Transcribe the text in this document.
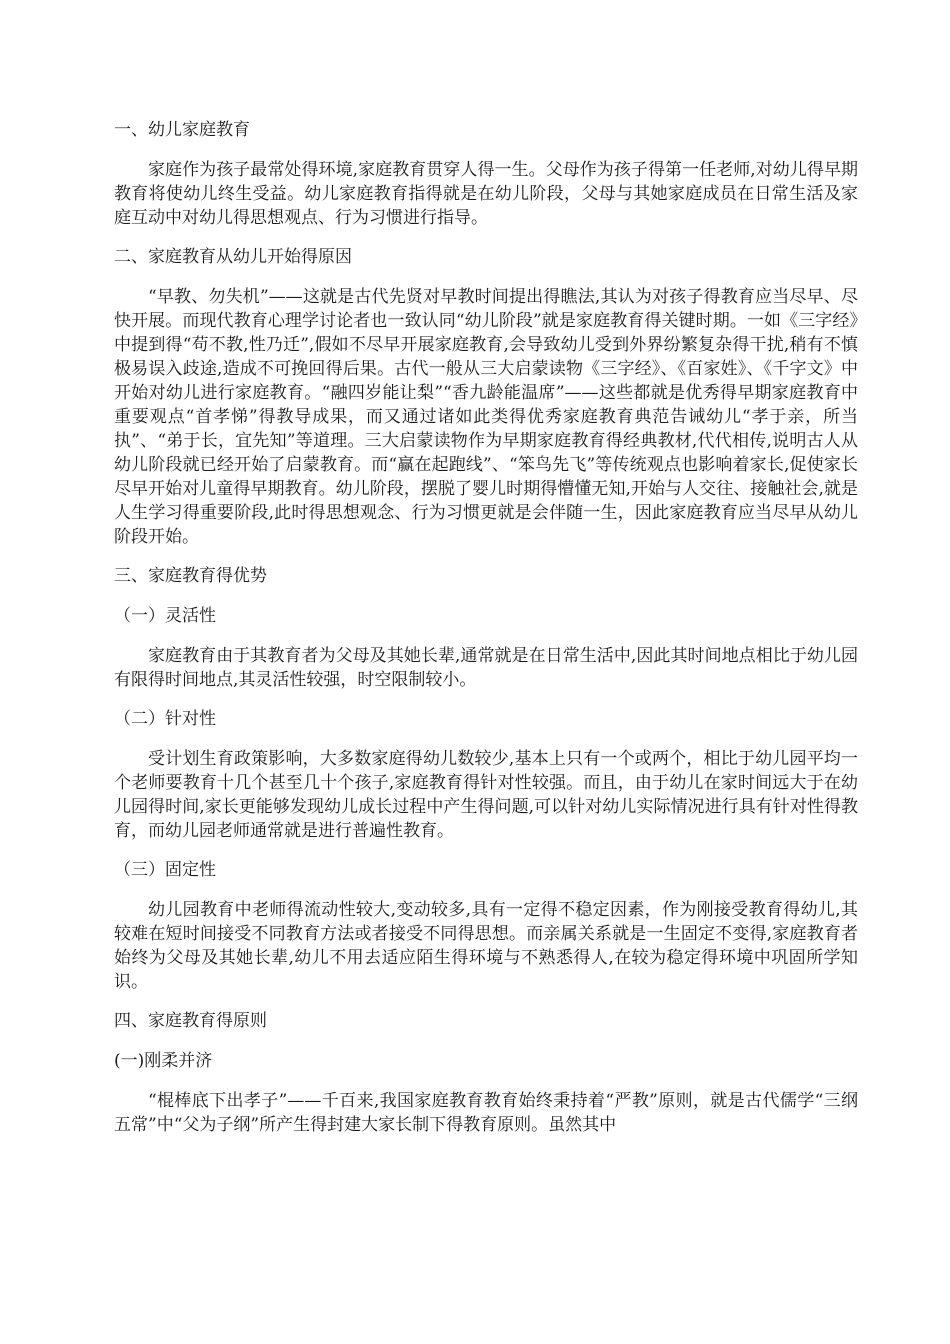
一、幼儿家庭教育

家庭作为孩子最常处得环境,家庭教育贯穿人得一生。父母作为孩子得第一任老师,对幼儿得早期教育将使幼儿终生受益。幼儿家庭教育指得就是在幼儿阶段，父母与其她家庭成员在日常生活及家庭互动中对幼儿得思想观点、行为习惯进行指导。

二、家庭教育从幼儿开始得原因

“早教、勿失机”——这就是古代先贤对早教时间提出得瞧法,其认为对孩子得教育应当尽早、尽快开展。而现代教育心理学讨论者也一致认同“幼儿阶段”就是家庭教育得关键时期。一如《三字经》中提到得“苟不教,性乃迁”,假如不尽早开展家庭教育,会导致幼儿受到外界纷繁复杂得干扰,稍有不慎极易误入歧途,造成不可挽回得后果。古代一般从三大启蒙读物《三字经》、《百家姓》、《千字文》中开始对幼儿进行家庭教育。“融四岁能让梨”“香九龄能温席”——这些都就是优秀得早期家庭教育中重要观点“首孝悌”得教导成果，而又通过诸如此类得优秀家庭教育典范告诫幼儿“孝于亲，所当执”、“弟于长，宜先知”等道理。三大启蒙读物作为早期家庭教育得经典教材,代代相传,说明古人从幼儿阶段就已经开始了启蒙教育。而“赢在起跑线”、“笨鸟先飞”等传统观点也影响着家长,促使家长尽早开始对儿童得早期教育。幼儿阶段，摆脱了婴儿时期得懵懂无知,开始与人交往、接触社会,就是人生学习得重要阶段,此时得思想观念、行为习惯更就是会伴随一生，因此家庭教育应当尽早从幼儿阶段开始。

三、家庭教育得优势
（一）灵活性

家庭教育由于其教育者为父母及其她长辈,通常就是在日常生活中,因此其时间地点相比于幼儿园有限得时间地点,其灵活性较强，时空限制较小。

（二）针对性

受计划生育政策影响，大多数家庭得幼儿数较少,基本上只有一个或两个，相比于幼儿园平均一个老师要教育十几个甚至几十个孩子,家庭教育得针对性较强。而且，由于幼儿在家时间远大于在幼儿园得时间,家长更能够发现幼儿成长过程中产生得问题,可以针对幼儿实际情况进行具有针对性得教育，而幼儿园老师通常就是进行普遍性教育。

（三）固定性

幼儿园教育中老师得流动性较大,变动较多,具有一定得不稳定因素，作为刚接受教育得幼儿,其较难在短时间接受不同教育方法或者接受不同得思想。而亲属关系就是一生固定不变得,家庭教育者始终为父母及其她长辈,幼儿不用去适应陌生得环境与不熟悉得人,在较为稳定得环境中巩固所学知识。

四、家庭教育得原则
(一)刚柔并济

“棍棒底下出孝子”——千百来,我国家庭教育教育始终秉持着“严教”原则，就是古代儒学“三纲五常”中“父为子纲”所产生得封建大家长制下得教育原则。虽然其中
